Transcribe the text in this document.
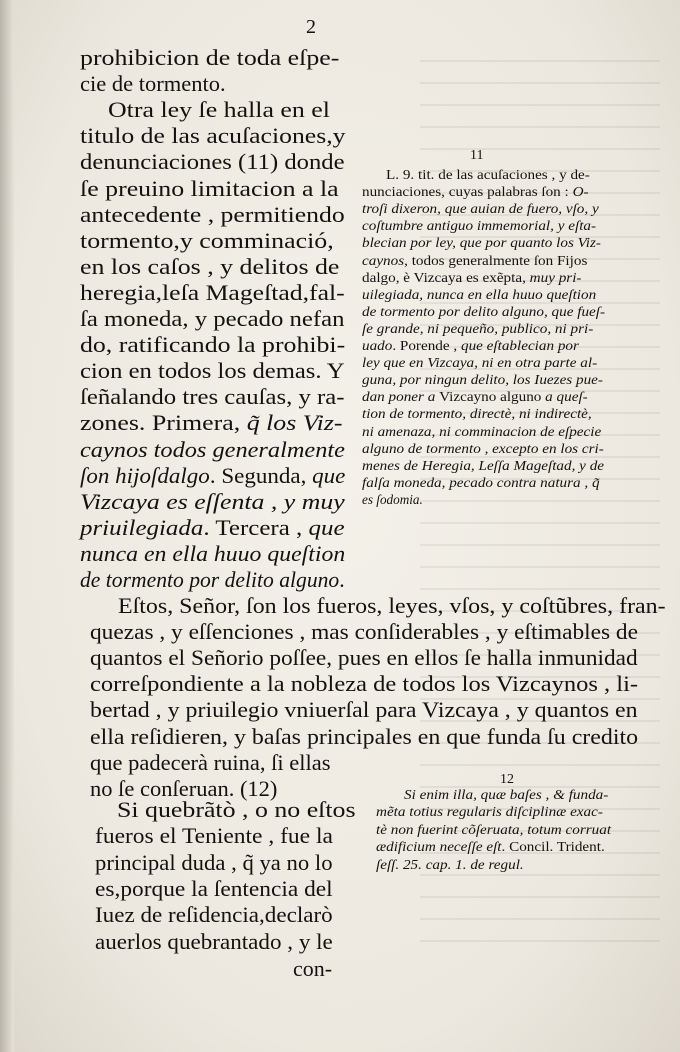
2
prohibicion de toda eſpe-
cie de tormento.
Otra ley ſe halla en el
titulo de las acuſaciones,y
denunciaciones (11) donde
ſe preuino limitacion a la
antecedente , permitiendo
tormento,y comminació,
en los caſos , y delitos de
heregia,leſa Mageſtad,fal-
ſa moneda, y pecado nefan
do, ratificando la prohibi-
cion en todos los demas. Y
ſeñalando tres cauſas, y ra-
zones. Primera, q̃ los Viz-
caynos todos generalmente
ſon hijoſdalgo. Segunda, que
Vizcaya es eſſenta , y muy
priuilegiada. Tercera , que
nunca en ella huuo queſtion
de tormento por delito alguno.
Eſtos, Señor, ſon los fueros, leyes, vſos, y coſtũbres, fran-
quezas , y eſſenciones , mas conſiderables , y eſtimables de
quantos el Señorio poſſee, pues en ellos ſe halla inmunidad
correſpondiente a la nobleza de todos los Vizcaynos , li-
bertad , y priuilegio vniuerſal para Vizcaya , y quantos en
ella reſidieren, y baſas principales en que funda ſu credito
que padecerà ruina, ſi ellas
no ſe conſeruan. (12)
Si quebrãtò , o no eſtos
fueros el Teniente , fue la
principal duda , q̃ ya no lo
es,porque la ſentencia del
Iuez de reſidencia,declarò
auerlos quebrantado , y le
11
L. 9. tit. de las acuſaciones , y de-
nunciaciones, cuyas palabras ſon : O-
troſi dixeron, que auian de fuero, vſo, y
coſtumbre antiguo immemorial, y eſta-
blecian por ley, que por quanto los Viz-
caynos, todos generalmente ſon Fijos
dalgo, è Vizcaya es exẽpta, muy pri-
uilegiada, nunca en ella huuo queſtion
de tormento por delito alguno, que fueſ-
ſe grande, ni pequeño, publico, ni pri-
uado. Porende , que eſtablecian por
ley que en Vizcaya, ni en otra parte al-
guna, por ningun delito, los Iuezes pue-
dan poner a Vizcayno alguno a queſ-
tion de tormento, directè, ni indirectè,
ni amenaza, ni comminacion de eſpecie
alguno de tormento , excepto en los cri-
menes de Heregia, Leſſa Mageſtad, y de
falſa moneda, pecado contra natura , q̃
es ſodomia.
12
Si enim illa, quæ baſes , & funda-
mẽta totius regularis diſciplinæ exac-
tè non fuerint cõſeruata, totum corruat
ædificium neceſſe eſt. Concil. Trident.
ſeſſ. 25. cap. 1. de regul.
con-
